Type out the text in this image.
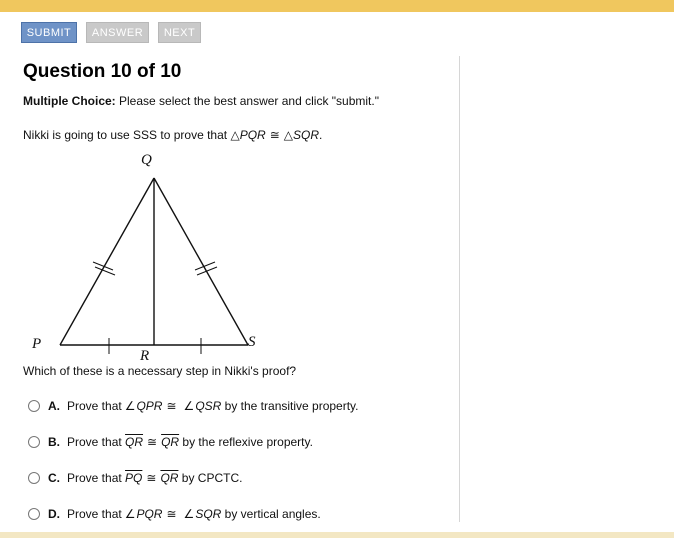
SUBMIT	ANSWER	NEXT
Question 10 of 10
Multiple Choice: Please select the best answer and click "submit."
Nikki is going to use SSS to prove that △PQR ≅ △SQR.
Q
P
R
S
Which of these is a necessary step in Nikki's proof?
A. Prove that ∠ QPR ≅ ∠ QSR by the transitive property.
B. Prove that $\overline{QR}$ ≅ $\overline{QR}$ by the reflexive property.
C. Prove that $\overline{PQ}$ ≅ $\overline{QR}$ by CPCTC.
D. Prove that ∠ PQR ≅ ∠ SQR by vertical angles.
